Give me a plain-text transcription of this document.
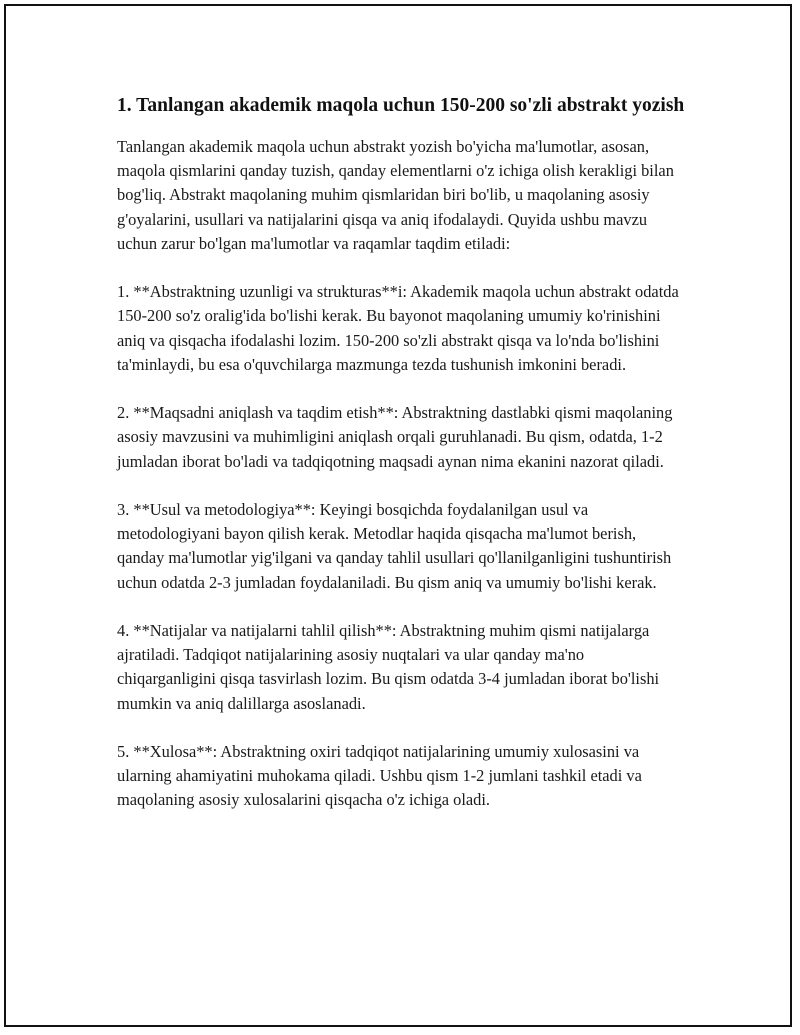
1. Tanlangan akademik maqola uchun 150-200 so'zli abstrakt yozish

Tanlangan akademik maqola uchun abstrakt yozish bo'yicha ma'lumotlar, asosan, maqola qismlarini qanday tuzish, qanday elementlarni o'z ichiga olish kerakligi bilan bog'liq. Abstrakt maqolaning muhim qismlaridan biri bo'lib, u maqolaning asosiy g'oyalarini, usullari va natijalarini qisqa va aniq ifodalaydi. Quyida ushbu mavzu uchun zarur bo'lgan ma'lumotlar va raqamlar taqdim etiladi:

1. **Abstraktning uzunligi va strukturas**i: Akademik maqola uchun abstrakt odatda 150-200 so'z oralig'ida bo'lishi kerak. Bu bayonot maqolaning umumiy ko'rinishini aniq va qisqacha ifodalashi lozim. 150-200 so'zli abstrakt qisqa va lo'nda bo'lishini ta'minlaydi, bu esa o'quvchilarga mazmunga tezda tushunish imkonini beradi.

2. **Maqsadni aniqlash va taqdim etish**: Abstraktning dastlabki qismi maqolaning asosiy mavzusini va muhimligini aniqlash orqali guruhlanadi. Bu qism, odatda, 1-2 jumladan iborat bo'ladi va tadqiqotning maqsadi aynan nima ekanini nazorat qiladi.

3. **Usul va metodologiya**: Keyingi bosqichda foydalanilgan usul va metodologiyani bayon qilish kerak. Metodlar haqida qisqacha ma'lumot berish, qanday ma'lumotlar yig'ilgani va qanday tahlil usullari qo'llanilganligini tushuntirish uchun odatda 2-3 jumladan foydalaniladi. Bu qism aniq va umumiy bo'lishi kerak.

4. **Natijalar va natijalarni tahlil qilish**: Abstraktning muhim qismi natijalarga ajratiladi. Tadqiqot natijalarining asosiy nuqtalari va ular qanday ma'no chiqarganligini qisqa tasvirlash lozim. Bu qism odatda 3-4 jumladan iborat bo'lishi mumkin va aniq dalillarga asoslanadi.

5. **Xulosa**: Abstraktning oxiri tadqiqot natijalarining umumiy xulosasini va ularning ahamiyatini muhokama qiladi. Ushbu qism 1-2 jumlani tashkil etadi va maqolaning asosiy xulosalarini qisqacha o'z ichiga oladi.
